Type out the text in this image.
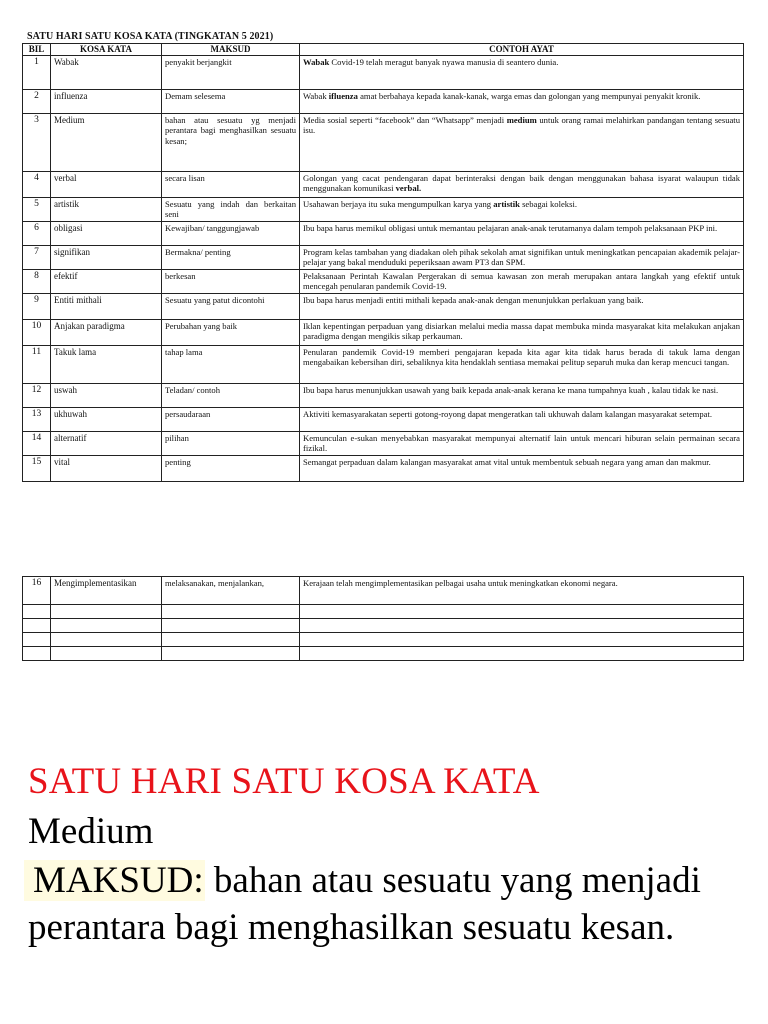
SATU HARI SATU KOSA KATA (TINGKATAN 5 2021)
BIL	KOSA KATA	MAKSUD	CONTOH AYAT
1	Wabak	penyakit berjangkit	Wabak Covid-19 telah meragut banyak nyawa manusia di seantero dunia.
2	influenza	Demam selesema	Wabak ifluenza amat berbahaya kepada kanak-kanak, warga emas dan golongan yang mempunyai penyakit kronik.
3	Medium	bahan atau sesuatu yg menjadi perantara bagi menghasilkan sesuatu kesan;	Media sosial seperti “facebook” dan “Whatsapp” menjadi medium untuk orang ramai melahirkan pandangan tentang sesuatu isu.
4	verbal	secara lisan	Golongan yang cacat pendengaran dapat berinteraksi dengan baik dengan menggunakan bahasa isyarat walaupun tidak menggunakan komunikasi verbal.
5	artistik	Sesuatu yang indah dan berkaitan seni	Usahawan berjaya itu suka mengumpulkan karya yang artistik sebagai koleksi.
6	obligasi	Kewajiban/ tanggungjawab	Ibu bapa harus memikul obligasi untuk memantau pelajaran anak-anak terutamanya dalam tempoh pelaksanaan PKP ini.
7	signifikan	Bermakna/ penting	Program kelas tambahan yang diadakan oleh pihak sekolah amat signifikan untuk meningkatkan pencapaian akademik pelajar-pelajar yang bakal menduduki peperiksaan awam PT3 dan SPM.
8	efektif	berkesan	Pelaksanaan Perintah Kawalan Pergerakan di semua kawasan zon merah merupakan antara langkah yang efektif untuk mencegah penularan pandemik Covid-19.
9	Entiti mithali	Sesuatu yang patut dicontohi	Ibu bapa harus menjadi entiti mithali kepada anak-anak dengan menunjukkan perlakuan yang baik.
10	Anjakan paradigma	Perubahan yang baik	Iklan kepentingan perpaduan yang disiarkan melalui media massa dapat membuka minda masyarakat kita melakukan anjakan paradigma dengan mengikis sikap perkauman.
11	Takuk lama	tahap lama	Penularan pandemik Covid-19 memberi pengajaran kepada kita agar kita tidak harus berada di takuk lama dengan mengabaikan kebersihan diri, sebaliknya kita hendaklah sentiasa memakai pelitup separuh muka dan kerap mencuci tangan.
12	uswah	Teladan/ contoh	Ibu bapa harus menunjukkan usawah yang baik kepada anak-anak kerana ke mana tumpahnya kuah , kalau tidak ke nasi.
13	ukhuwah	persaudaraan	Aktiviti kemasyarakatan seperti gotong-royong dapat mengeratkan tali ukhuwah dalam kalangan masyarakat setempat.
14	alternatif	pilihan	Kemunculan e-sukan menyebabkan masyarakat mempunyai alternatif lain untuk mencari hiburan selain permainan secara fizikal.
15	vital	penting	Semangat perpaduan dalam kalangan masyarakat amat vital untuk membentuk sebuah negara yang aman dan makmur.
16	Mengimplementasikan	melaksanakan, menjalankan,	Kerajaan telah mengimplementasikan pelbagai usaha untuk meningkatkan ekonomi negara.

SATU HARI SATU KOSA KATA
Medium
MAKSUD: bahan atau sesuatu yang menjadi perantara bagi menghasilkan sesuatu kesan.
